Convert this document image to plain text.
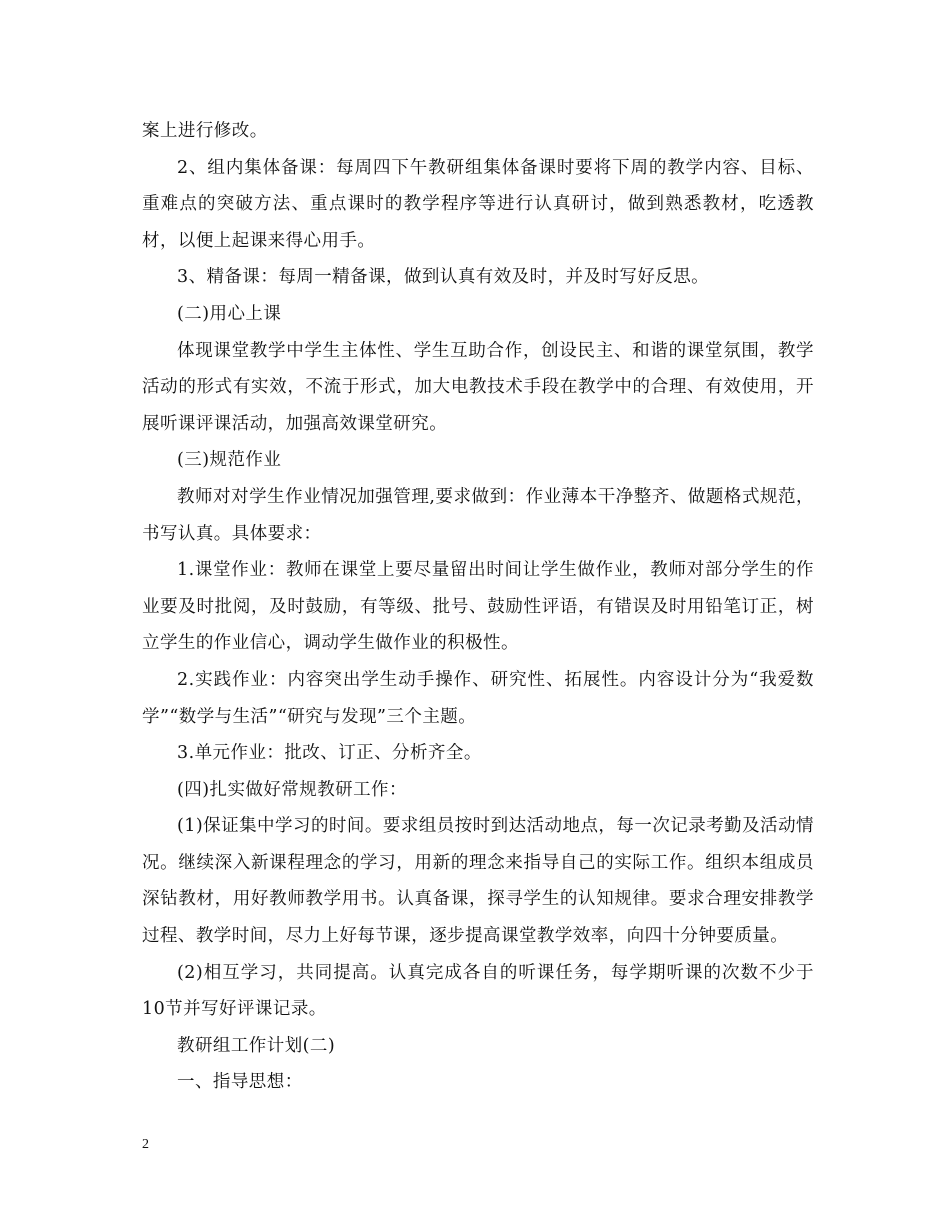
案上进行修改。

2、组内集体备课：每周四下午教研组集体备课时要将下周的教学内容、目标、重难点的突破方法、重点课时的教学程序等进行认真研讨，做到熟悉教材，吃透教材，以便上起课来得心用手。

3、精备课：每周一精备课，做到认真有效及时，并及时写好反思。

(二)用心上课

体现课堂教学中学生主体性、学生互助合作，创设民主、和谐的课堂氛围，教学活动的形式有实效，不流于形式，加大电教技术手段在教学中的合理、有效使用，开展听课评课活动，加强高效课堂研究。

(三)规范作业

教师对对学生作业情况加强管理,要求做到：作业薄本干净整齐、做题格式规范，书写认真。具体要求：

1.课堂作业：教师在课堂上要尽量留出时间让学生做作业，教师对部分学生的作业要及时批阅，及时鼓励，有等级、批号、鼓励性评语，有错误及时用铅笔订正，树立学生的作业信心，调动学生做作业的积极性。

2.实践作业：内容突出学生动手操作、研究性、拓展性。内容设计分为“我爱数学”“数学与生活”“研究与发现”三个主题。

3.单元作业：批改、订正、分析齐全。

(四)扎实做好常规教研工作：

(1)保证集中学习的时间。要求组员按时到达活动地点，每一次记录考勤及活动情况。继续深入新课程理念的学习，用新的理念来指导自己的实际工作。组织本组成员深钻教材，用好教师教学用书。认真备课，探寻学生的认知规律。要求合理安排教学过程、教学时间，尽力上好每节课，逐步提高课堂教学效率，向四十分钟要质量。

(2)相互学习，共同提高。认真完成各自的听课任务，每学期听课的次数不少于10节并写好评课记录。

教研组工作计划(二)

一、指导思想：

2
